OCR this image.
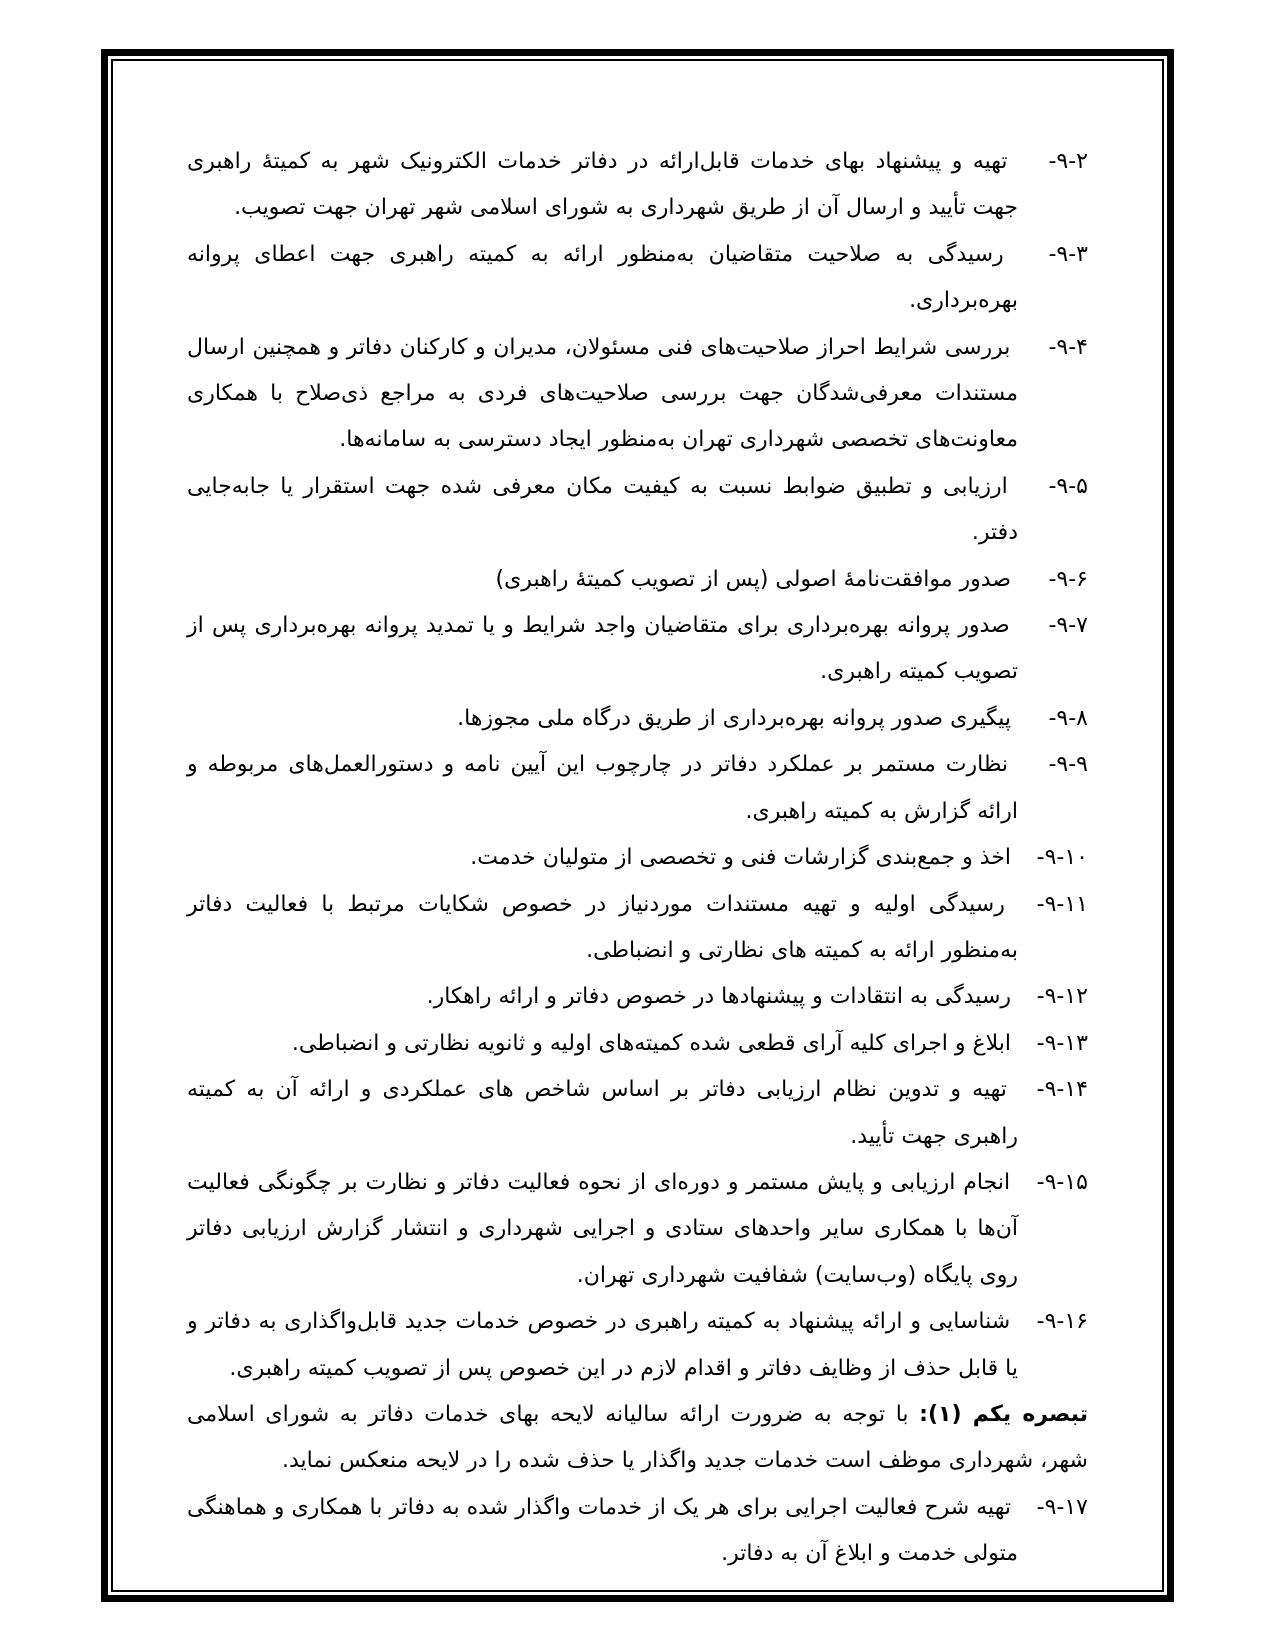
۹-۲- تهیه و پیشنهاد بهای خدمات قابل‌ارائه در دفاتر خدمات الکترونیک شهر به کمیتهٔ راهبری جهت تأیید و ارسال آن از طریق شهرداری به شورای اسلامی شهر تهران جهت تصویب.

۹-۳- رسیدگی به صلاحیت متقاضیان به‌منظور ارائه به کمیته راهبری جهت اعطای پروانه بهره‌برداری.

۹-۴- بررسی شرایط احراز صلاحیت‌های فنی مسئولان، مدیران و کارکنان دفاتر و همچنین ارسال مستندات معرفی‌شدگان جهت بررسی صلاحیت‌های فردی به مراجع ذی‌صلاح با همکاری معاونت‌های تخصصی شهرداری تهران به‌منظور ایجاد دسترسی به سامانه‌ها.

۹-۵- ارزیابی و تطبیق ضوابط نسبت به کیفیت مکان معرفی شده جهت استقرار یا جابه‌جایی دفتر.

۹-۶- صدور موافقت‌نامهٔ اصولی (پس از تصویب کمیتهٔ راهبری)

۹-۷- صدور پروانه بهره‌برداری برای متقاضیان واجد شرایط و یا تمدید پروانه بهره‌برداری پس از تصویب کمیته راهبری.

۹-۸- پیگیری صدور پروانه بهره‌برداری از طریق درگاه ملی مجوزها.

۹-۹- نظارت مستمر بر عملکرد دفاتر در چارچوب این آیین نامه و دستورالعمل‌های مربوطه و ارائه گزارش به کمیته راهبری.

۹-۱۰- اخذ و جمع‌بندی گزارشات فنی و تخصصی از متولیان خدمت.

۹-۱۱- رسیدگی اولیه و تهیه مستندات موردنیاز در خصوص شکایات مرتبط با فعالیت دفاتر به‌منظور ارائه به کمیته های نظارتی و انضباطی.

۹-۱۲- رسیدگی به انتقادات و پیشنهادها در خصوص دفاتر و ارائه راهکار.

۹-۱۳- ابلاغ و اجرای کلیه آرای قطعی شده کمیته‌های اولیه و ثانویه نظارتی و انضباطی.

۹-۱۴- تهیه و تدوین نظام ارزیابی دفاتر بر اساس شاخص های عملکردی و ارائه آن به کمیته راهبری جهت تأیید.

۹-۱۵- انجام ارزیابی و پایش مستمر و دوره‌ای از نحوه فعالیت دفاتر و نظارت بر چگونگی فعالیت آن‌ها با همکاری سایر واحدهای ستادی و اجرایی شهرداری و انتشار گزارش ارزیابی دفاتر روی پایگاه (وب‌سایت) شفافیت شهرداری تهران.

۹-۱۶- شناسایی و ارائه پیشنهاد به کمیته راهبری در خصوص خدمات جدید قابل‌واگذاری به دفاتر و یا قابل حذف از وظایف دفاتر و اقدام لازم در این خصوص پس از تصویب کمیته راهبری.

تبصره یکم (۱): با توجه به ضرورت ارائه سالیانه لایحه بهای خدمات دفاتر به شورای اسلامی شهر، شهرداری موظف است خدمات جدید واگذار یا حذف شده را در لایحه منعکس نماید.

۹-۱۷- تهیه شرح فعالیت اجرایی برای هر یک از خدمات واگذار شده به دفاتر با همکاری و هماهنگی متولی خدمت و ابلاغ آن به دفاتر.
